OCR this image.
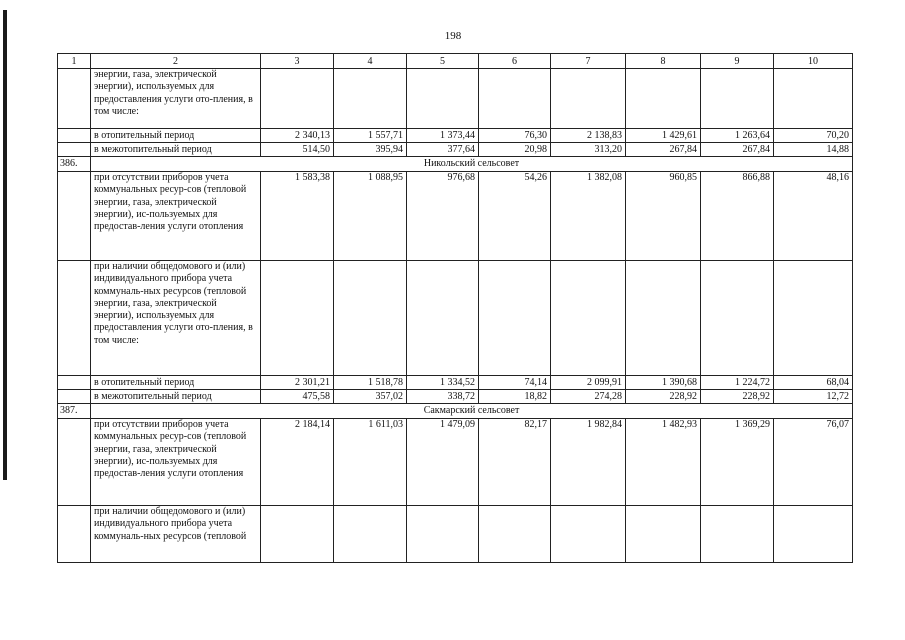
198
1	2	3	4	5	6	7	8	9	10
	энергии, газа, электрической энергии), используемых для предоставления услуги ото-пления, в том числе:								
	в отопительный период	2 340,13	1 557,71	1 373,44	76,30	2 138,83	1 429,61	1 263,64	70,20
	в межотопительный период	514,50	395,94	377,64	20,98	313,20	267,84	267,84	14,88
386.	Никольский сельсовет								
	при отсутствии приборов учета коммунальных ресур-сов (тепловой энергии, газа, электрической энергии), ис-пользуемых для предостав-ления услуги отопления	1 583,38	1 088,95	976,68	54,26	1 382,08	960,85	866,88	48,16
	при наличии общедомового и (или) индивидуального прибора учета коммуналь-ных ресурсов (тепловой энергии, газа, электрической энергии), используемых для предоставления услуги ото-пления, в том числе:								
	в отопительный период	2 301,21	1 518,78	1 334,52	74,14	2 099,91	1 390,68	1 224,72	68,04
	в межотопительный период	475,58	357,02	338,72	18,82	274,28	228,92	228,92	12,72
387.	Сакмарский сельсовет								
	при отсутствии приборов учета коммунальных ресур-сов (тепловой энергии, газа, электрической энергии), ис-пользуемых для предостав-ления услуги отопления	2 184,14	1 611,03	1 479,09	82,17	1 982,84	1 482,93	1 369,29	76,07
	при наличии общедомового и (или) индивидуального прибора учета коммуналь-ных ресурсов (тепловой								
